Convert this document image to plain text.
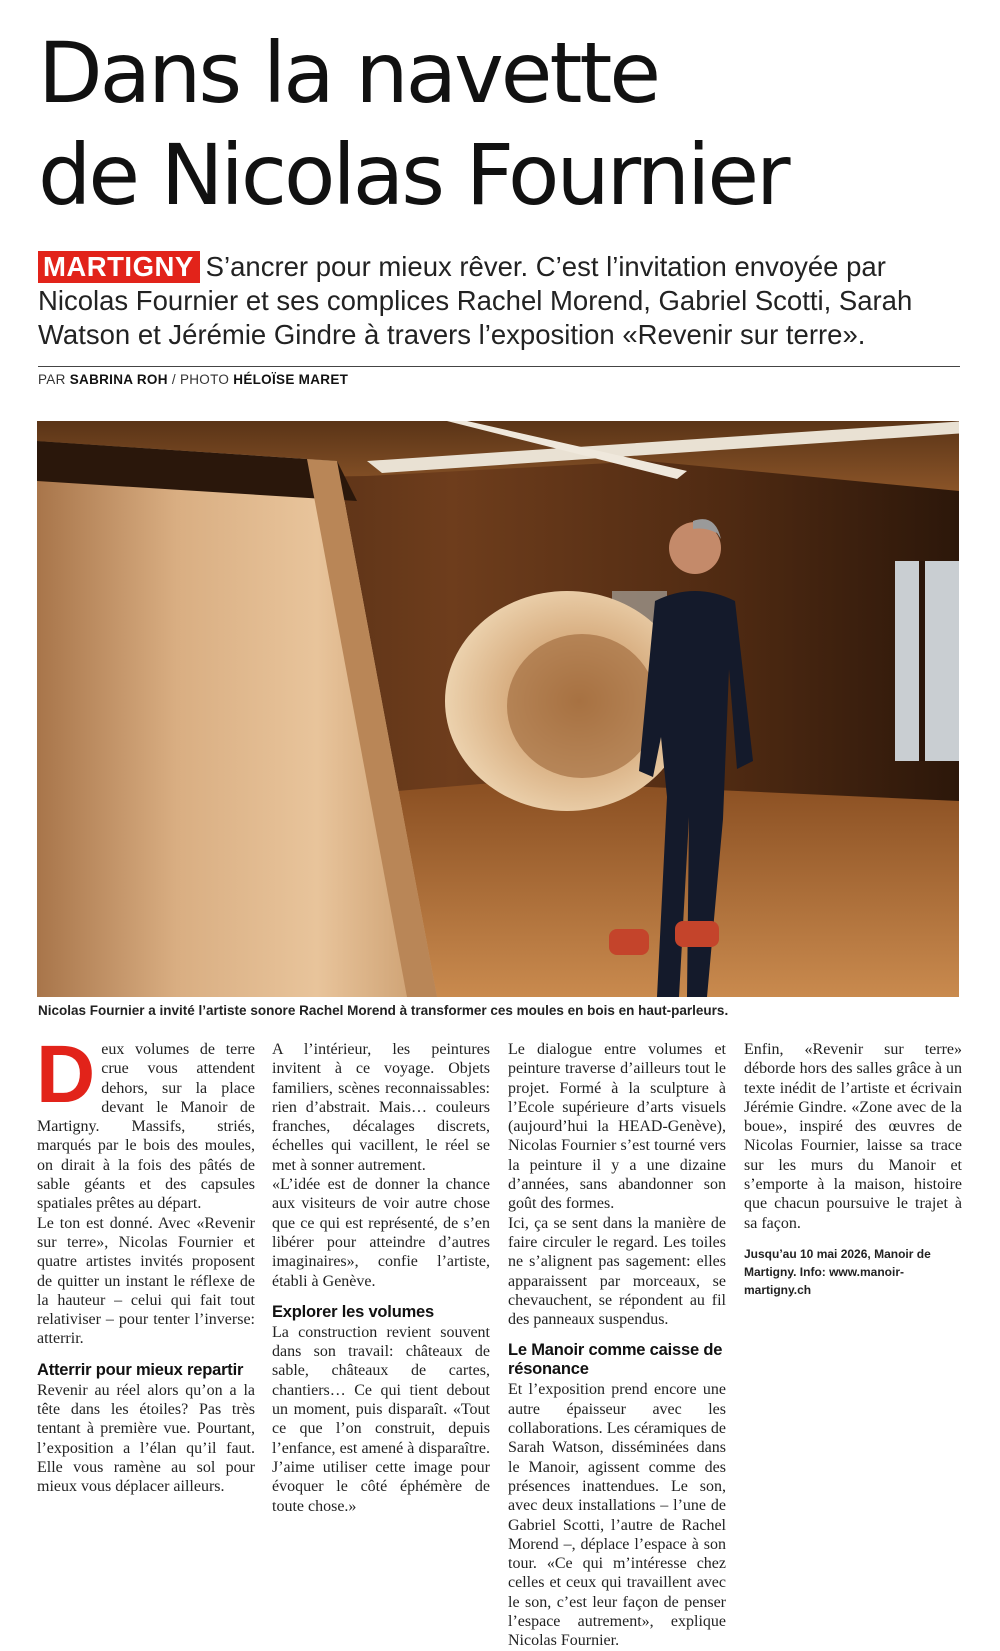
Dans la navette
de Nicolas Fournier

MARTIGNY S’ancrer pour mieux rêver. C’est l’invitation envoyée par Nicolas Fournier et ses complices Rachel Morend, Gabriel Scotti, Sarah Watson et Jérémie Gindre à travers l’exposition «Revenir sur terre».

PAR SABRINA ROH / PHOTO HÉLOÏSE MARET

Nicolas Fournier a invité l’artiste sonore Rachel Morend à transformer ces moules en bois en haut-parleurs.

Deux volumes de terre crue vous attendent dehors, sur la place devant le Manoir de Martigny. Massifs, striés, marqués par le bois des moules, on dirait à la fois des pâtés de sable géants et des capsules spatiales prêtes au départ.

Le ton est donné. Avec «Revenir sur terre», Nicolas Fournier et quatre artistes invités proposent de quitter un instant le réflexe de la hauteur – celui qui fait tout relativiser – pour tenter l’inverse: atterrir.

Atterrir pour mieux repartir

Revenir au réel alors qu’on a la tête dans les étoiles? Pas très tentant à première vue. Pourtant, l’exposition a l’élan qu’il faut. Elle vous ramène au sol pour mieux vous déplacer ailleurs.

A l’intérieur, les peintures invitent à ce voyage. Objets familiers, scènes reconnaissables: rien d’abstrait. Mais… couleurs franches, décalages discrets, échelles qui vacillent, le réel se met à sonner autrement.

«L’idée est de donner la chance aux visiteurs de voir autre chose que ce qui est représenté, de s’en libérer pour atteindre d’autres imaginaires», confie l’artiste, établi à Genève.

Explorer les volumes

La construction revient souvent dans son travail: châteaux de sable, châteaux de cartes, chantiers… Ce qui tient debout un moment, puis disparaît. «Tout ce que l’on construit, depuis l’enfance, est amené à disparaître. J’aime utiliser cette image pour évoquer le côté éphémère de toute chose.»

Le dialogue entre volumes et peinture traverse d’ailleurs tout le projet. Formé à la sculpture à l’Ecole supérieure d’arts visuels (aujourd’hui la HEAD-Genève), Nicolas Fournier s’est tourné vers la peinture il y a une dizaine d’années, sans abandonner son goût des formes.

Ici, ça se sent dans la manière de faire circuler le regard. Les toiles ne s’alignent pas sagement: elles apparaissent par morceaux, se chevauchent, se répondent au fil des panneaux suspendus.

Le Manoir comme caisse de résonance

Et l’exposition prend encore une autre épaisseur avec les collaborations. Les céramiques de Sarah Watson, disséminées dans le Manoir, agissent comme des présences inattendues. Le son, avec deux installations – l’une de Gabriel Scotti, l’autre de Rachel Morend –, déplace l’espace à son tour. «Ce qui m’intéresse chez celles et ceux qui travaillent avec le son, c’est leur façon de penser l’espace autrement», explique Nicolas Fournier.

Enfin, «Revenir sur terre» déborde hors des salles grâce à un texte inédit de l’artiste et écrivain Jérémie Gindre. «Zone avec de la boue», inspiré des œuvres de Nicolas Fournier, laisse sa trace sur les murs du Manoir et s’emporte à la maison, histoire que chacun poursuive le trajet à sa façon.

Jusqu’au 10 mai 2026, Manoir de Martigny. Info: www.manoir-martigny.ch
